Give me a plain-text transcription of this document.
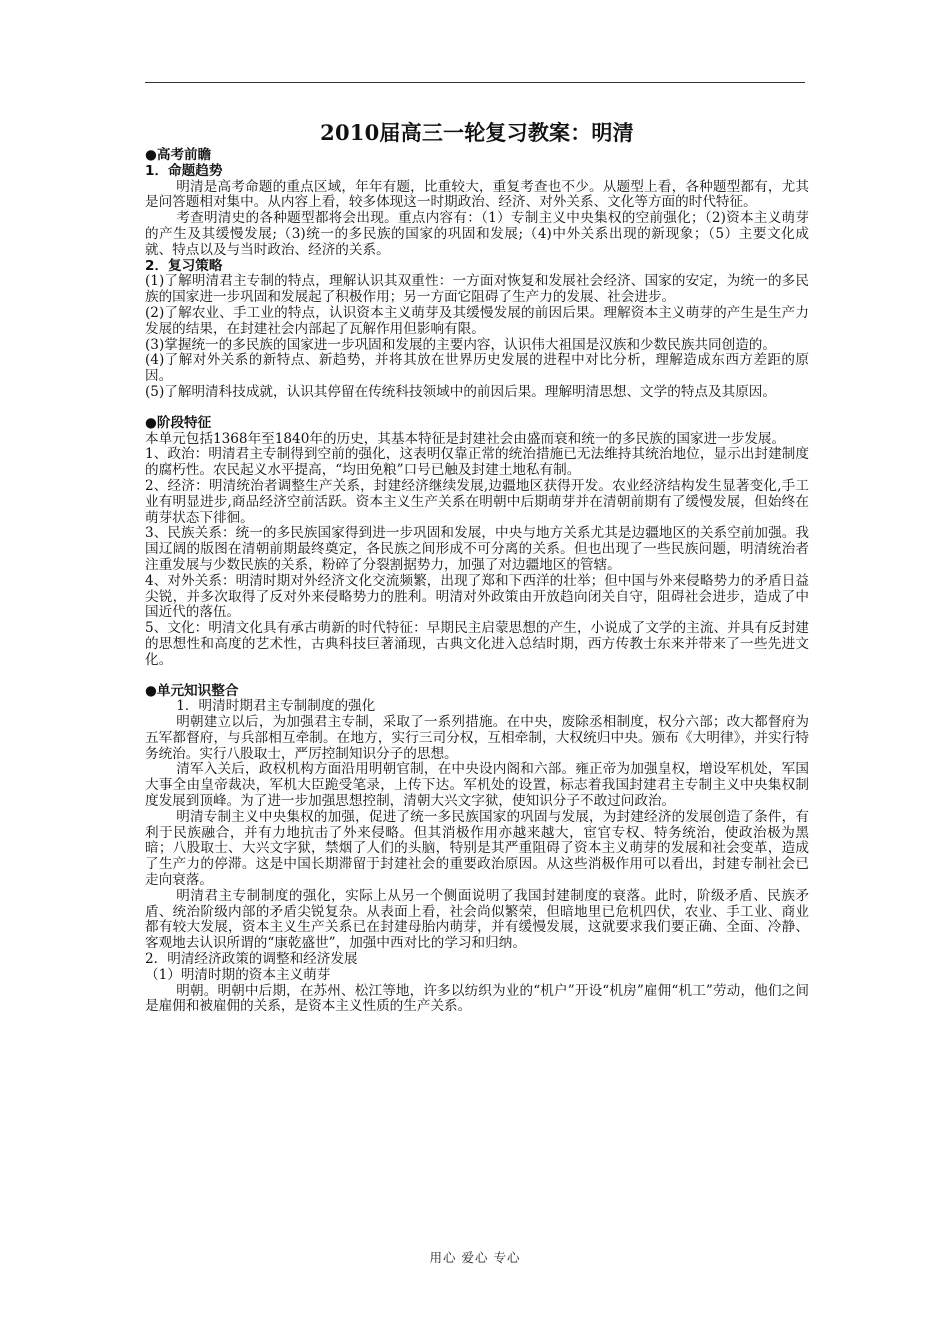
2010届高三一轮复习教案：明清
●高考前瞻
1．命题趋势

明清是高考命题的重点区域，年年有题，比重较大，重复考查也不少。从题型上看，各种题型都有，尤其是问答题相对集中。从内容上看，较多体现这一时期政治、经济、对外关系、文化等方面的时代特征。

考查明清史的各种题型都将会出现。重点内容有：（1）专制主义中央集权的空前强化；（2)资本主义萌芽的产生及其缓慢发展;（3)统一的多民族的国家的巩固和发展;（4)中外关系出现的新现象；（5）主要文化成就、特点以及与当时政治、经济的关系。

2．复习策略

(1)了解明清君主专制的特点，理解认识其双重性：一方面对恢复和发展社会经济、国家的安定，为统一的多民族的国家进一步巩固和发展起了积极作用；另一方面它阻碍了生产力的发展、社会进步。

(2)了解农业、手工业的特点，认识资本主义萌芽及其缓慢发展的前因后果。理解资本主义萌芽的产生是生产力发展的结果，在封建社会内部起了瓦解作用但影响有限。

(3)掌握统一的多民族的国家进一步巩固和发展的主要内容，认识伟大祖国是汉族和少数民族共同创造的。

(4)了解对外关系的新特点、新趋势，并将其放在世界历史发展的进程中对比分析，理解造成东西方差距的原因。

(5)了解明清科技成就，认识其停留在传统科技领域中的前因后果。理解明清思想、文学的特点及其原因。

●阶段特征

本单元包括1368年至1840年的历史，其基本特征是封建社会由盛而衰和统一的多民族的国家进一步发展。

1、政治：明清君主专制得到空前的强化，这表明仅靠正常的统治措施已无法维持其统治地位，显示出封建制度的腐朽性。农民起义水平提高，“均田免粮”口号已触及封建土地私有制。

2、经济：明清统治者调整生产关系，封建经济继续发展,边疆地区获得开发。农业经济结构发生显著变化,手工业有明显进步,商品经济空前活跃。资本主义生产关系在明朝中后期萌芽并在清朝前期有了缓慢发展，但始终在萌芽状态下徘徊。

3、民族关系：统一的多民族国家得到进一步巩固和发展，中央与地方关系尤其是边疆地区的关系空前加强。我国辽阔的版图在清朝前期最终奠定，各民族之间形成不可分离的关系。但也出现了一些民族问题，明清统治者注重发展与少数民族的关系，粉碎了分裂割据势力，加强了对边疆地区的管辖。

4、对外关系：明清时期对外经济文化交流频繁，出现了郑和下西洋的壮举；但中国与外来侵略势力的矛盾日益尖锐，并多次取得了反对外来侵略势力的胜利。明清对外政策由开放趋向闭关自守，阻碍社会进步，造成了中国近代的落伍。

5、文化：明清文化具有承古萌新的时代特征：早期民主启蒙思想的产生，小说成了文学的主流、并具有反封建的思想性和高度的艺术性，古典科技巨著涌现，古典文化进入总结时期，西方传教士东来并带来了一些先进文化。

●单元知识整合

1．明清时期君主专制制度的强化

明朝建立以后，为加强君主专制，采取了一系列措施。在中央，废除丞相制度，权分六部；改大都督府为五军都督府，与兵部相互牵制。在地方，实行三司分权，互相牵制，大权统归中央。颁布《大明律》，并实行特务统治。实行八股取士，严厉控制知识分子的思想。

清军入关后，政权机构方面沿用明朝官制，在中央设内阁和六部。雍正帝为加强皇权，增设军机处，军国大事全由皇帝裁决，军机大臣跪受笔录，上传下达。军机处的设置，标志着我国封建君主专制主义中央集权制度发展到顶峰。为了进一步加强思想控制，清朝大兴文字狱，使知识分子不敢过问政治。

明清专制主义中央集权的加强，促进了统一多民族国家的巩固与发展，为封建经济的发展创造了条件，有利于民族融合，并有力地抗击了外来侵略。但其消极作用亦越来越大，宦官专权、特务统治，使政治极为黑暗；八股取士、大兴文字狱，禁烟了人们的头脑，特别是其严重阻碍了资本主义萌芽的发展和社会变革，造成了生产力的停滞。这是中国长期滞留于封建社会的重要政治原因。从这些消极作用可以看出，封建专制社会已走向衰落。

明清君主专制制度的强化，实际上从另一个侧面说明了我国封建制度的衰落。此时，阶级矛盾、民族矛盾、统治阶级内部的矛盾尖锐复杂。从表面上看，社会尚似繁荣，但暗地里已危机四伏，农业、手工业、商业都有较大发展，资本主义生产关系已在封建母胎内萌芽，并有缓慢发展，这就要求我们要正确、全面、冷静、客观地去认识所谓的“康乾盛世”，加强中西对比的学习和归纳。

2．明清经济政策的调整和经济发展

（1）明清时期的资本主义萌芽

明朝。明朝中后期，在苏州、松江等地，许多以纺织为业的“机户”开设“机房”雇佣“机工”劳动，他们之间是雇佣和被雇佣的关系，是资本主义性质的生产关系。

用心 爱心 专心
